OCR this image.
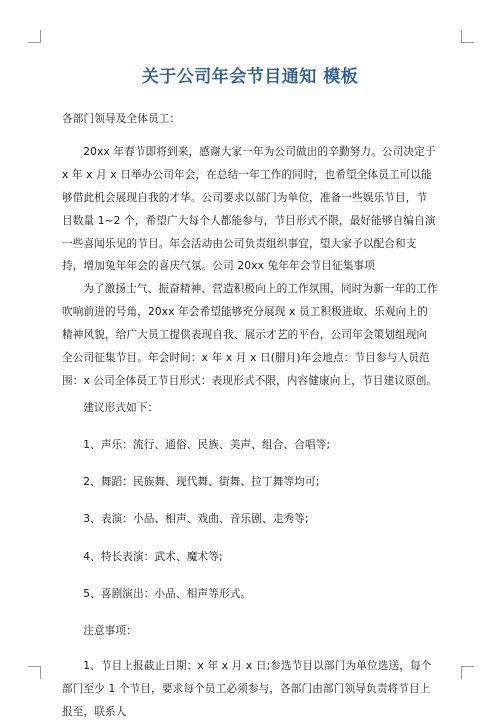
关于公司年会节目通知 模板

各部门领导及全体员工：

20xx 年春节即将到来，感谢大家一年为公司做出的辛勤努力。公司决定于 x 年 x 月 x 日举办公司年会，在总结一年工作的同时，也希望全体员工可以能够借此机会展现自我的才华。公司要求以部门为单位，准备一些娱乐节目，节目数量 1~2 个，希望广大每个人都能参与，节目形式不限，最好能够自编自演一些喜闻乐见的节目。年会活动由公司负责组织事宜，望大家予以配合和支持，增加兔年年会的喜庆气氛。公司 20xx 兔年年会节目征集事项

为了激扬士气、振奋精神、营造积极向上的工作氛围，同时为新一年的工作吹响前进的号角，20xx 年会希望能够充分展现 x 员工积极进取、乐观向上的精神风貌，给广大员工提供表现自我、展示才艺的平台，公司年会策划组现向全公司征集节目。年会时间：x 年 x 月 x 日(腊月)年会地点：节目参与人员范围：x 公司全体员工节目形式：表现形式不限，内容健康向上，节目建议原创。

建议形式如下：

1、声乐：流行、通俗、民族、美声、组合、合唱等;

2、舞蹈：民族舞、现代舞、街舞、拉丁舞等均可;

3、表演：小品、相声、戏曲、音乐剧、走秀等;

4、特长表演：武术、魔术等;

5、喜剧演出：小品、相声等形式。

注意事项：

1、节目上报截止日期：x 年 x 月 x 日;参选节目以部门为单位选送，每个部门至少 1 个节目，要求每个员工必须参与，各部门由部门领导负责将节目上报至，联系人
